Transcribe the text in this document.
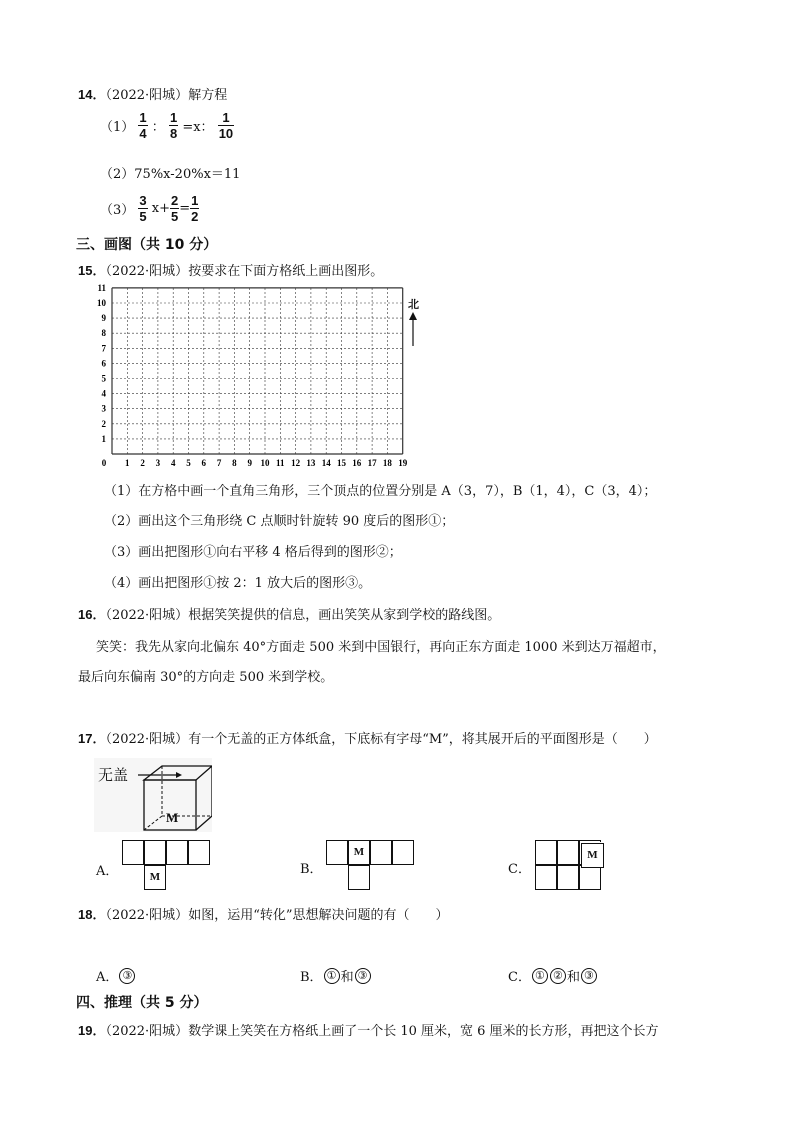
14．（2022·阳城）解方程
$(1) \frac{1}{4}$ ： $\frac{1}{8} =x$： $\frac{1}{10}$
（2）75%x-20%x＝11
$(3) \frac{3}{5} x+ \frac{2}{5} = \frac{1}{2}$
三、画图（共 10 分）
15．（2022·阳城）按要求在下面方格纸上画出图形。
0 1 2 3 4 5 6 7 8 9 10 11 12 13 14 15 16 17 18 19
1
2
3
4
5
6
7
8
9
10
11
北
（1）在方格中画一个直角三角形，三个顶点的位置分别是 A（3，7），B（1，4），C（3，4）；
（2）画出这个三角形绕 C 点顺时针旋转 90 度后的图形①；
（3）画出把图形①向右平移 4 格后得到的图形②；
（4）画出把图形①按 2：1 放大后的图形③。
16．（2022·阳城）根据笑笑提供的信息，画出笑笑从家到学校的路线图。
笑笑：我先从家向北偏东 40°方面走 500 米到中国银行，再向正东方面走 1000 米到达万福超市，
最后向东偏南 30°的方向走 500 米到学校。
17．（2022·阳城）有一个无盖的正方体纸盒，下底标有字母“M”，将其展开后的平面图形是（　　）
无盖
M
A．	M	B．
M
C．
M
18．（2022·阳城）如图，运用“转化”思想解决问题的有（　　）
A． ③	B． ① 和 ③	C． ① ② 和 ③
四、推理（共 5 分）
19．（2022·阳城）数学课上笑笑在方格纸上画了一个长 10 厘米，宽 6 厘米的长方形，再把这个长方
